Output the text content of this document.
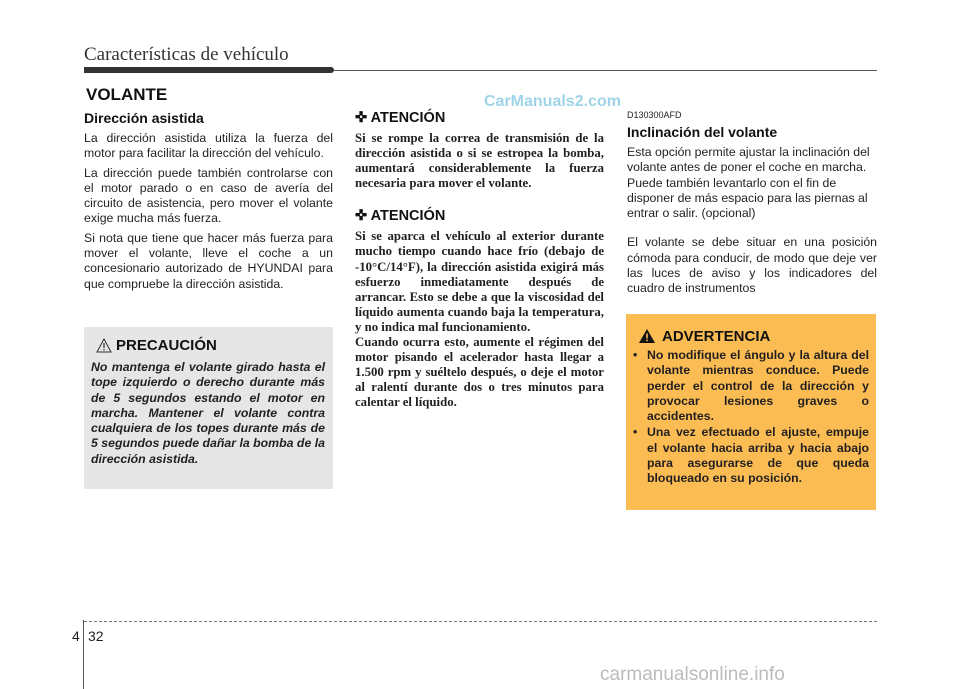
Características de vehículo
VOLANTE	CarManuals2.com
Dirección asistida

La dirección asistida utiliza la fuerza del motor para facilitar la dirección del vehículo.

La dirección puede también controlarse con el motor parado o en caso de avería del circuito de asistencia, pero mover el volante exige mucha más fuerza.

Si nota que tiene que hacer más fuerza para mover el volante, lleve el coche a un concesionario autorizado de HYUNDAI para que compruebe la dirección asistida.

PRECAUCIÓN
No mantenga el volante girado hasta el tope izquierdo o derecho durante más de 5 segundos estando el motor en marcha. Mantener el volante contra cualquiera de los topes durante más de 5 segundos puede dañar la bomba de la dirección asistida.
✜ ATENCIÓN

Si se rompe la correa de transmisión de la dirección asistida o si se estropea la bomba, aumentará considerablemente la fuerza necesaria para mover el volante.

✜ ATENCIÓN

Si se aparca el vehículo al exterior durante mucho tiempo cuando hace frío (debajo de -10°C/14°F), la dirección asistida exigirá más esfuerzo inmediatamente después de arrancar. Esto se debe a que la viscosidad del líquido aumenta cuando baja la temperatura, y no indica mal funcionamiento.

Cuando ocurra esto, aumente el régimen del motor pisando el acelerador hasta llegar a 1.500 rpm y suéltelo después, o deje el motor al ralentí durante dos o tres minutos para calentar el líquido.

D130300AFD
Inclinación del volante

Esta opción permite ajustar la inclinación del volante antes de poner el coche en marcha. Puede también levantarlo con el fin de disponer de más espacio para las piernas al entrar o salir. (opcional)

El volante se debe situar en una posición cómoda para conducir, de modo que deje ver las luces de aviso y los indicadores del cuadro de instrumentos

ADVERTENCIA
• No modifique el ángulo y la altura del volante mientras conduce. Puede perder el control de la dirección y provocar lesiones graves o accidentes.
• Una vez efectuado el ajuste, empuje el volante hacia arriba y hacia abajo para asegurarse de que queda bloqueado en su posición.
4 32
carmanualsonline.info
